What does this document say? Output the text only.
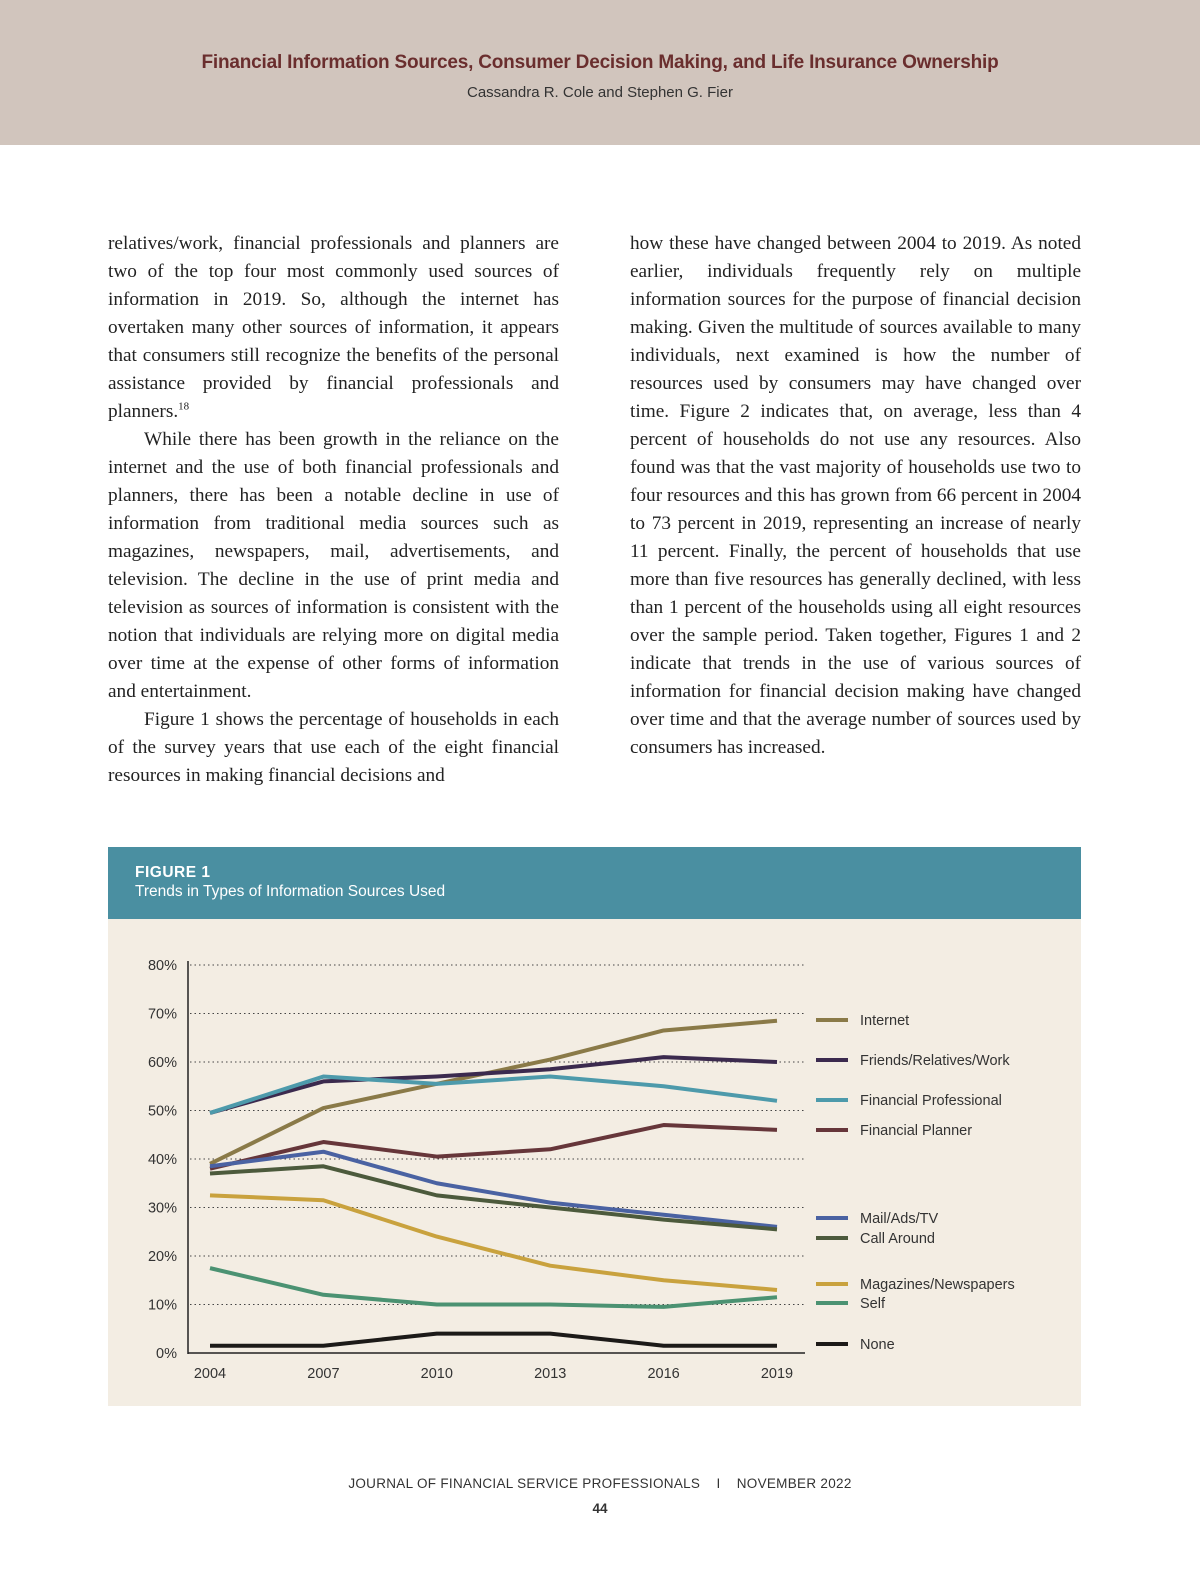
Financial Information Sources, Consumer Decision Making, and Life Insurance Ownership
Cassandra R. Cole and Stephen G. Fier

relatives/work, financial professionals and planners are two of the top four most commonly used sources of information in 2019. So, although the internet has overtaken many other sources of information, it appears that consumers still recognize the benefits of the personal assistance provided by financial professionals and planners.$^{18}$

While there has been growth in the reliance on the internet and the use of both financial professionals and planners, there has been a notable decline in use of information from traditional media sources such as magazines, newspapers, mail, advertisements, and television. The decline in the use of print media and television as sources of information is consistent with the notion that individuals are relying more on digital media over time at the expense of other forms of information and entertainment.

Figure 1 shows the percentage of households in each of the survey years that use each of the eight financial resources in making financial decisions and

how these have changed between 2004 to 2019. As noted earlier, individuals frequently rely on multiple information sources for the purpose of financial decision making. Given the multitude of sources available to many individuals, next examined is how the number of resources used by consumers may have changed over time. Figure 2 indicates that, on average, less than 4 percent of households do not use any resources. Also found was that the vast majority of households use two to four resources and this has grown from 66 percent in 2004 to 73 percent in 2019, representing an increase of nearly 11 percent. Finally, the percent of households that use more than five resources has generally declined, with less than 1 percent of the households using all eight resources over the sample period. Taken together, Figures 1 and 2 indicate that trends in the use of various sources of information for financial decision making have changed over time and that the average number of sources used by consumers has increased.

FIGURE 1
Trends in Types of Information Sources Used
0%
10%
20%
30%
40%
50%
60%
70%
80%
2004	2007	2010	2013	2016	2019
Internet
Friends/Relatives/Work
Financial Professional
Financial Planner
Mail/Ads/TV
Call Around
Magazines/Newspapers
Self
None
JOURNAL OF FINANCIAL SERVICE PROFESSIONALS I NOVEMBER 2022
44
